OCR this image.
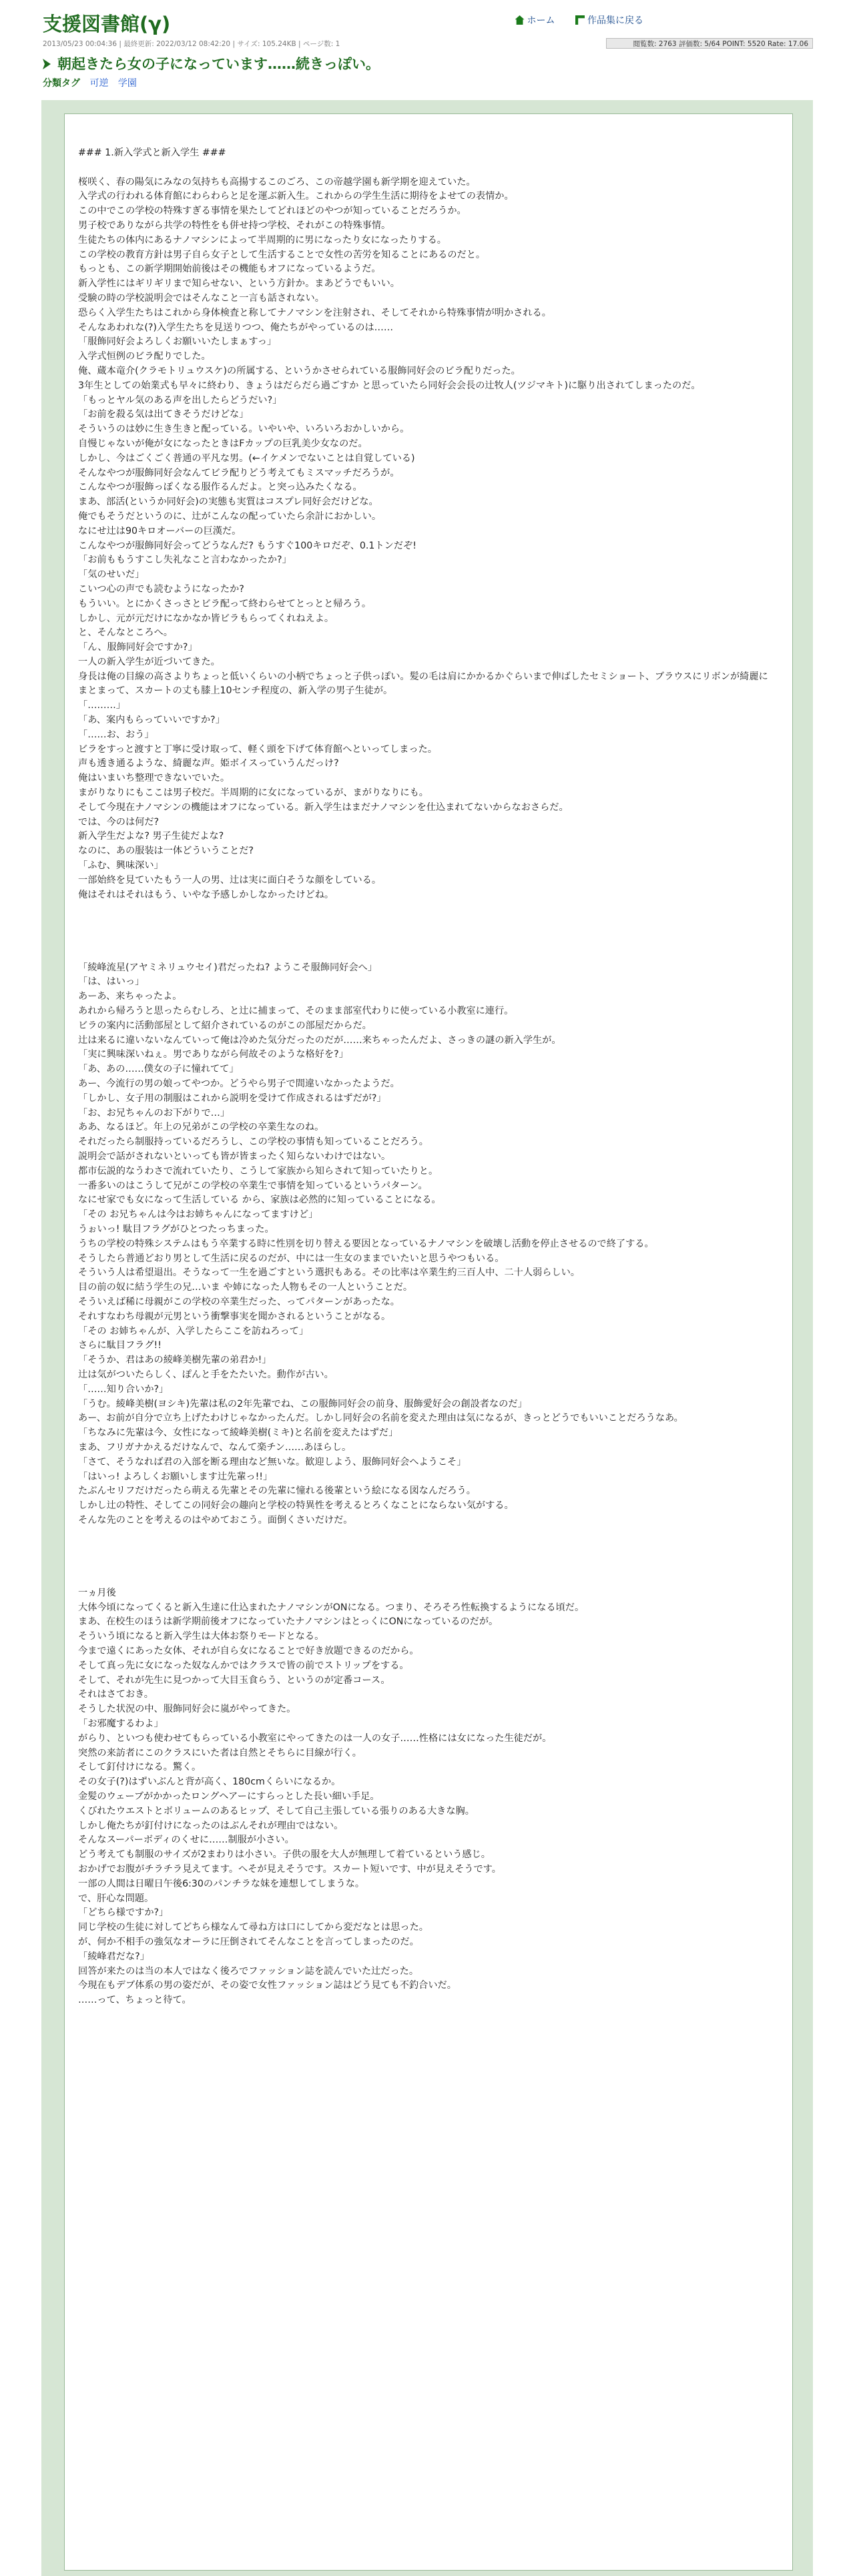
支援図書館(γ)	ホーム	作品集に戻る
2013/05/23 00:04:36 | 最終更新: 2022/03/12 08:42:20 | サイズ: 105.24KB | ページ数: 1	閲覧数: 2763 評価数: 5/64 POINT: 5520 Rate: 17.06
朝起きたら女の子になっています……続きっぽい。
分類タグ 可逆 学園
### 1.新入学式と新入学生 ###

桜咲く、春の陽気にみなの気持ちも高揚するこのごろ、この帝越学園も新学期を迎えていた。
入学式の行われる体育館にわらわらと足を運ぶ新入生。これからの学生生活に期待をよせての表情か。
この中でこの学校の特殊すぎる事情を果たしてどれほどのやつが知っていることだろうか。
男子校でありながら共学の特性をも併せ持つ学校、それがこの特殊事情。
生徒たちの体内にあるナノマシンによって半周期的に男になったり女になったりする。
この学校の教育方針は男子自ら女子として生活することで女性の苦労を知ることにあるのだと。
もっとも、この新学期開始前後はその機能もオフになっているようだ。
新入学性にはギリギリまで知らせない、という方針か。まあどうでもいい。
受験の時の学校説明会ではそんなこと一言も話されない。
恐らく入学生たちはこれから身体検査と称してナノマシンを注射され、そしてそれから特殊事情が明かされる。
そんなあわれな(?)入学生たちを見送りつつ、俺たちがやっているのは……
「服飾同好会よろしくお願いいたしまぁすっ」
入学式恒例のビラ配りでした。
俺、蔵本竜介(クラモトリュウスケ)の所属する、というかさせられている服飾同好会のビラ配りだった。
3年生としての始業式も早々に終わり、きょうはだらだら過ごすか と思っていたら同好会会長の辻牧人(ツジマキト)に駆り出されてしまったのだ。
「もっとヤル気のある声を出したらどうだい?」
「お前を殺る気は出てきそうだけどな」
そういうのは妙に生き生きと配っている。いやいや、いろいろおかしいから。
自慢じゃないが俺が女になったときはFカップの巨乳美少女なのだ。
しかし、今はごくごく普通の平凡な男。(←イケメンでないことは自覚している)
そんなやつが服飾同好会なんてビラ配りどう考えてもミスマッチだろうが。
こんなやつが服飾っぽくなる服作るんだよ。と突っ込みたくなる。
まあ、部活(というか同好会)の実態も実質はコスプレ同好会だけどな。
俺でもそうだというのに、辻がこんなの配っていたら余計におかしい。
なにせ辻は90キロオーバーの巨漢だ。
こんなやつが服飾同好会ってどうなんだ? もうすぐ100キロだぞ、0.1トンだぞ!
「お前ももうすこし失礼なこと言わなかったか?」
「気のせいだ」
こいつ心の声でも読むようになったか?
もういい。とにかくさっさとビラ配って終わらせてとっとと帰ろう。
しかし、元が元だけになかなか皆ビラもらってくれねえよ。
と、そんなところへ。
「ん、服飾同好会ですか?」
一人の新入学生が近づいてきた。
身長は俺の目線の高さよりちょっと低いくらいの小柄でちょっと子供っぽい。髪の毛は肩にかかるかぐらいまで伸ばしたセミショート、ブラウスにリボンが綺麗にまとまって、スカートの丈も膝上10センチ程度の、新入学の男子生徒が。
「………」
「あ、案内もらっていいですか?」
「……お、おう」
ビラをすっと渡すと丁寧に受け取って、軽く頭を下げて体育館へといってしまった。
声も透き通るような、綺麗な声。姫ボイスっていうんだっけ?
俺はいまいち整理できないでいた。
まがりなりにもここは男子校だ。半周期的に女になっているが、まがりなりにも。
そして今現在ナノマシンの機能はオフになっている。新入学生はまだナノマシンを仕込まれてないからなおさらだ。
では、今のは何だ?
新入学生だよな? 男子生徒だよな?
なのに、あの服装は一体どういうことだ?
「ふむ、興味深い」
一部始終を見ていたもう一人の男、辻は実に面白そうな顔をしている。
俺はそれはそれはもう、いやな予感しかしなかったけどね。

「綾峰流星(アヤミネリュウセイ)君だったね? ようこそ服飾同好会へ」
「は、はいっ」
あーあ、来ちゃったよ。
あれから帰ろうと思ったらむしろ、と辻に捕まって、そのまま部室代わりに使っている小教室に連行。
ビラの案内に活動部屋として紹介されているのがこの部屋だからだ。
辻は来るに違いないなんていって俺は冷めた気分だったのだが……来ちゃったんだよ、さっきの謎の新入学生が。
「実に興味深いねぇ。男でありながら何故そのような格好を?」
「あ、あの……僕女の子に憧れてて」
あー、今流行の男の娘ってやつか。どうやら男子で間違いなかったようだ。
「しかし、女子用の制服はこれから説明を受けて作成されるはずだが?」
「お、お兄ちゃんのお下がりで…」
ああ、なるほど。年上の兄弟がこの学校の卒業生なのね。
それだったら制服持っているだろうし、この学校の事情も知っていることだろう。
説明会で話がされないといっても皆が皆まったく知らないわけではない。
都市伝説的なうわさで流れていたり、こうして家族から知らされて知っていたりと。
一番多いのはこうして兄がこの学校の卒業生で事情を知っているというパターン。
なにせ家でも女になって生活している から、家族は必然的に知っていることになる。
「その お兄ちゃんは今はお姉ちゃんになってますけど」
うぉいっ! 駄目フラグがひとつたっちまった。
うちの学校の特殊システムはもう卒業する時に性別を切り替える要因となっているナノマシンを破壊し活動を停止させるので終了する。
そうしたら普通どおり男として生活に戻るのだが、中には一生女のままでいたいと思うやつもいる。
そういう人は希望退出。そうなって一生を過ごすという選択もある。その比率は卒業生約三百人中、二十人弱らしい。
目の前の奴に結う学生の兄…いま や姉になった人物もその一人ということだ。
そういえば稀に母親がこの学校の卒業生だった、ってパターンがあったな。
それすなわち母親が元男という衝撃事実を聞かされるということがなる。
「その お姉ちゃんが、入学したらここを訪ねろって」
さらに駄目フラグ!!
「そうか、君はあの綾峰美樹先輩の弟君か!」
辻は気がついたらしく、ぽんと手をたたいた。動作が古い。
「……知り合いか?」
「うむ。綾峰美樹(ヨシキ)先輩は私の2年先輩でね、この服飾同好会の前身、服飾愛好会の創設者なのだ」
あー、お前が自分で立ち上げたわけじゃなかったんだ。しかし同好会の名前を変えた理由は気になるが、きっとどうでもいいことだろうなあ。
「ちなみに先輩は今、女性になって綾峰美樹(ミキ)と名前を変えたはずだ」
まあ、フリガナかえるだけなんで、なんて楽チン……あほらし。
「さて、そうなれば君の入部を断る理由など無いな。歓迎しよう、服飾同好会へようこそ」
「はいっ! よろしくお願いします辻先輩っ!!」
たぶんセリフだけだったら萌える先輩とその先輩に憧れる後輩という絵になる図なんだろう。
しかし辻の特性、そしてこの同好会の趣向と学校の特異性を考えるとろくなことにならない気がする。
そんな先のことを考えるのはやめておこう。面倒くさいだけだ。

一ヵ月後
大体今頃になってくると新入生達に仕込まれたナノマシンがONになる。つまり、そろそろ性転換するようになる頃だ。
まあ、在校生のほうは新学期前後オフになっていたナノマシンはとっくにONになっているのだが。
そういう頃になると新入学生は大体お祭りモードとなる。
今まで遠くにあった女体、それが自ら女になることで好き放題できるのだから。
そして真っ先に女になった奴なんかではクラスで皆の前でストリップをする。
そして、それが先生に見つかって大目玉食らう、というのが定番コース。
それはさておき。
そうした状況の中、服飾同好会に嵐がやってきた。
「お邪魔するわよ」
がらり、といつも使わせてもらっている小教室にやってきたのは一人の女子……性格には女になった生徒だが。
突然の来訪者にこのクラスにいた者は自然とそちらに目線が行く。
そして釘付けになる。驚く。
その女子(?)はずいぶんと背が高く、180cmくらいになるか。
金髪のウェーブがかかったロングヘアーにすらっとした長い細い手足。
くびれたウエストとボリュームのあるヒップ、そして自己主張している張りのある大きな胸。
しかし俺たちが釘付けになったのはぶんそれが理由ではない。
そんなスーパーボディのくせに……制服が小さい。
どう考えても制服のサイズが2まわりは小さい。子供の服を大人が無理して着ているという感じ。
おかげでお腹がチラチラ見えてます。へそが見えそうです。スカート短いです、中が見えそうです。
一部の人間は日曜日午後6:30のパンチラな妹を連想してしまうな。
で、肝心な問題。
「どちら様ですか?」
同じ学校の生徒に対してどちら様なんて尋ね方は口にしてから変だなとは思った。
が、何か不相手の強気なオーラに圧倒されてそんなことを言ってしまったのだ。
「綾峰君だな?」
回答が来たのは当の本人ではなく後ろでファッション誌を読んでいた辻だった。
今現在もデブ体系の男の姿だが、その姿で女性ファッション誌はどう見ても不釣合いだ。
……って、ちょっと待て。
